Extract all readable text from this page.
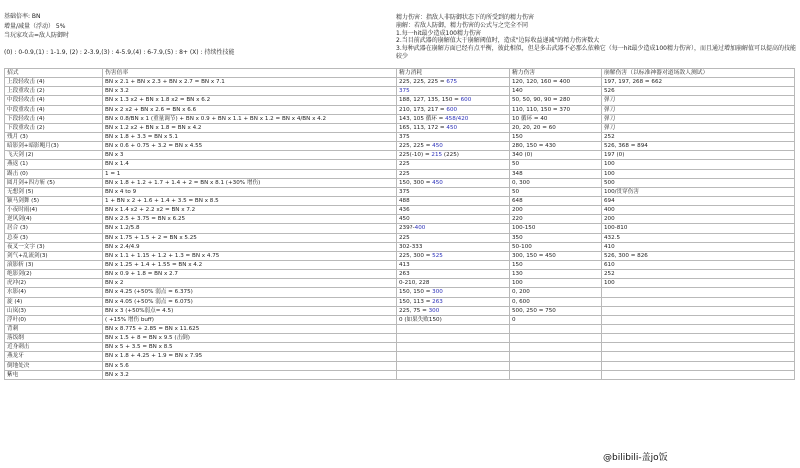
基础倍率: BN
增量/减量（浮动） 5%
当玩家攻击=敌人防御时
(0) : 0-0.9,(1) : 1-1.9, (2) : 2-3.9,(3) : 4-5.9,(4) : 6-7.9,(5) : 8+ (X) : 持续性技能
精力伤害：指敌人非防御状态下的所受到的精力伤害
崩解：若敌人防御，精力伤害的公式与之完全不同
1.每一hit最少造成100精力伤害
2.当目前武器的崩解值大于崩解阈值时，造成"边际收益递减"的精力伤害数大
3.每种武器在崩解方面已经有点平衡，彼此相似，但是多击武器不必那么依赖它（每一hit最少造成100精力伤害），而且通过增加崩解值可以提高的技能较少
招式	伤害倍率	精力消耗	精力伤害	崩解伤害（以标准神器对道场敌人测试）
上段轻攻击 (4)	BN x 2.1 + BN x 2.3 + BN x 2.7 = BN x 7.1	225, 225, 225 = 675	120, 120, 160 = 400	197, 197, 268 = 662
上段重攻击 (2)	BN x 3.2	375	140	526
中段轻攻击 (4)	BN x 1.3 x2 + BN x 1.8 x2 = BN x 6.2	188, 127, 135, 150 = 600	50, 50, 90, 90 = 280	弹刀
中段重攻击 (4)	BN x 2 x2 + BN x 2.6 = BN x 6.6	210, 173, 217 = 600	110, 110, 150 = 370	弹刀
下段轻攻击 (4)	BN x 0.8/BN x 1 (重量调节) + BN x 0.9 + BN x 1.1 + BN x 1.2 = BN x 4/BN x 4.2	143, 105 循环 = 458/420	10 循环 = 40	弹刀
下段重攻击 (2)	BN x 1.2 x2 + BN x 1.8 = BN x 4.2	165, 113, 172 = 450	20, 20, 20 = 60	弹刀
残月 (3)	BN x 1.8 + 3.3 = BN x 5.1	375	150	252
暗影剑+暗影飓月(3)	BN x 0.6 + 0.75 + 3.2 = BN x 4.55	225, 225 = 450	280, 150 = 430	526, 368 = 894
飞天剑 (2)	BN x 3	225(-10) = 215 (225)	340 (0)	197 (0)
燕返 (1)	BN x 1.4	225	50	100
踢击 (0)	1 = 1	225	348	100
圆月剑+四方斩 (5)	BN x 1.8 + 1.2 + 1.7 + 1.4 + 2 = BN x 8.1 (+30% 增伤)	150, 300 = 450	0, 300	500
无想剑 (5)	BN x 4 to 9	375	50	100/贯穿伤害
颖马剑舞 (5)	1 + BN x 2 + 1.6 + 1.4 + 3.5 = BN x 8.5	488	648	694
小夜时雨(4)	BN x 1.4 x2 + 2.2 x2 = BN x 7.2	436	200	400
逆风剑(4)	BN x 2.5 + 3.75 = BN x 6.25	450	220	200
居合 (3)	BN x 1.2/5.8	239?-400	100-150	100-810
总奏 (3)	BN x 1.75 + 1.5 + 2 = BN x 5.25	225	350	432.5
夜叉一文字 (3)	BN x 2.4/4.9	302-333	50-100	410
剑气+乱流剑(3)	BN x 1.1 + 1.15 + 1.2 + 1.3 = BN x 4.75	225, 300 = 525	300, 150 = 450	526, 300 = 826
滚影斩 (3)	BN x 1.25 + 1.4 + 1.55 = BN x 4.2	413	150	610
绝影剑(2)	BN x 0.9 + 1.8 = BN x 2.7	263	130	252
虎冲(2)	BN x 2	0-210, 228	100	100
水影(4)	BN x 4.25 (+50% 弱点 = 6.375)	150, 150 = 300	0, 200	
旋 (4)	BN x 4.05 (+50% 弱点 = 6.075)	150, 113 = 263	0, 600	
山岚(3)	BN x 3 (+50%弱点= 4.5)	225, 75 = 300	500, 250 = 750	
浮叶(0)	( +15% 增伤 buff)	0 (如果失败150)	0	
背刺	BN x 8.775 + 2.85 = BN x 11.625			
落饭纲	BN x 1.5 + 8 = BN x 9.5 (击倒)			
近身刺击	BN x 5 + 3.5 = BN x 8.5			
燕龙牙	BN x 1.8 + 4.25 + 1.9 = BN x 7.95			
倒地处决	BN x 5.6			
紫电	BN x 3.2			
@bilibili-盖jo饭
